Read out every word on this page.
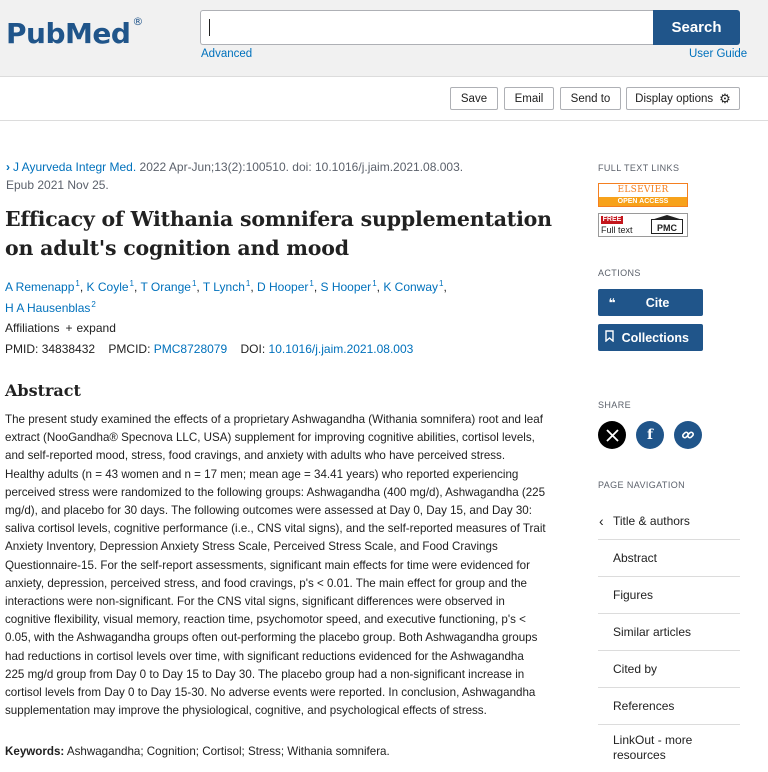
Pub Med ®	Search
Advanced	User Guide
Save Email Send to Display options ⚙
› J Ayurveda Integr Med. 2022 Apr-Jun;13(2):100510. doi: 10.1016/j.jaim.2021.08.003.
Epub 2021 Nov 25.
Efficacy of Withania somnifera supplementation on adult's cognition and mood
A Remenapp$^1$, K Coyle$^1$, T Orange$^1$, T Lynch$^1$, D Hooper$^1$, S Hooper$^1$, K Conway$^1$,
H A Hausenblas$^2$
Affiliations + expand
PMID: 34838432 PMCID: PMC8728079 DOI: 10.1016/j.jaim.2021.08.003
Abstract

The present study examined the effects of a proprietary Ashwagandha (Withania somnifera) root and leaf extract (NooGandha® Specnova LLC, USA) supplement for improving cognitive abilities, cortisol levels, and self-reported mood, stress, food cravings, and anxiety with adults who have perceived stress. Healthy adults (n = 43 women and n = 17 men; mean age = 34.41 years) who reported experiencing perceived stress were randomized to the following groups: Ashwagandha (400 mg/d), Ashwagandha (225 mg/d), and placebo for 30 days. The following outcomes were assessed at Day 0, Day 15, and Day 30: saliva cortisol levels, cognitive performance (i.e., CNS vital signs), and the self-reported measures of Trait Anxiety Inventory, Depression Anxiety Stress Scale, Perceived Stress Scale, and Food Cravings Questionnaire-15. For the self-report assessments, significant main effects for time were evidenced for anxiety, depression, perceived stress, and food cravings, p's < 0.01. The main effect for group and the interactions were non-significant. For the CNS vital signs, significant differences were observed in cognitive flexibility, visual memory, reaction time, psychomotor speed, and executive functioning, p's < 0.05, with the Ashwagandha groups often out-performing the placebo group. Both Ashwagandha groups had reductions in cortisol levels over time, with significant reductions evidenced for the Ashwagandha 225 mg/d group from Day 0 to Day 15 to Day 30. The placebo group had a non-significant increase in cortisol levels from Day 0 to Day 15-30. No adverse events were reported. In conclusion, Ashwagandha supplementation may improve the physiological, cognitive, and psychological effects of stress.

Keywords: Ashwagandha; Cognition; Cortisol; Stress; Withania somnifera.
FULL TEXT LINKS
ELSEVIER
OPEN ACCESS
FREE
Full text	PMC
ACTIONS
❝	Cite
Collections
SHARE
f
PAGE NAVIGATION
‹ Title & authors
Abstract
Figures
Similar articles
Cited by
References
LinkOut - more resources
